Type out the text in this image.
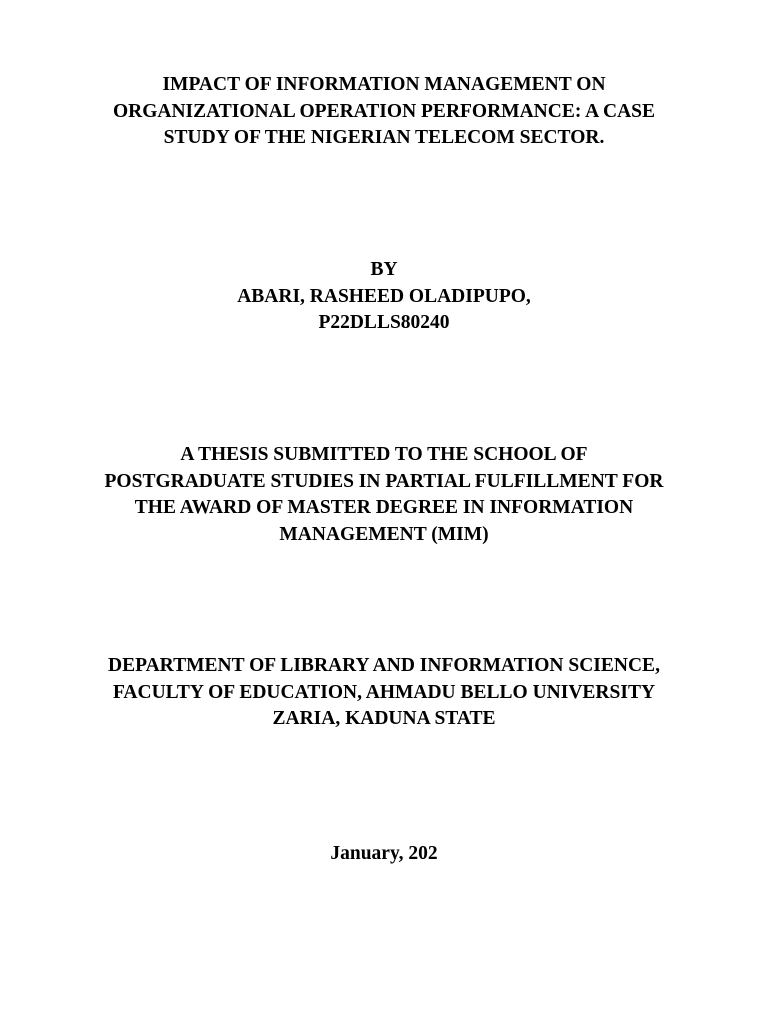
IMPACT OF INFORMATION MANAGEMENT ON
ORGANIZATIONAL OPERATION PERFORMANCE: A CASE
STUDY OF THE NIGERIAN TELECOM SECTOR.
BY
ABARI, RASHEED OLADIPUPO,
P22DLLS80240
A THESIS SUBMITTED TO THE SCHOOL OF
POSTGRADUATE STUDIES IN PARTIAL FULFILLMENT FOR
THE AWARD OF MASTER DEGREE IN INFORMATION
MANAGEMENT (MIM)
DEPARTMENT OF LIBRARY AND INFORMATION SCIENCE,
FACULTY OF EDUCATION, AHMADU BELLO UNIVERSITY
ZARIA, KADUNA STATE
January, 202
